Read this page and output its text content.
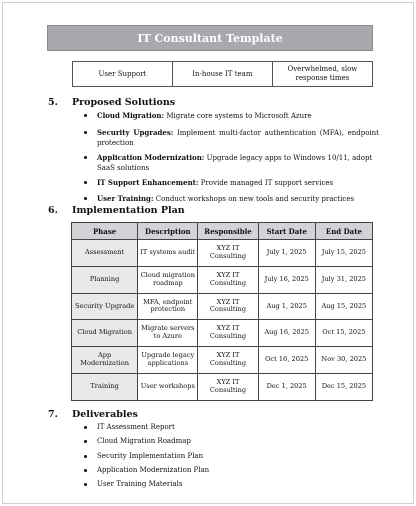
IT Consultant Template
User Support	In-house IT team	Overwhelmed, slow response times
5. Proposed Solutions
Cloud Migration: Migrate core systems to Microsoft Azure
Security Upgrades: Implement multi-factor authentication (MFA), endpoint protection
Application Modernization: Upgrade legacy apps to Windows 10/11, adopt SaaS solutions
IT Support Enhancement: Provide managed IT support services
User Training: Conduct workshops on new tools and security practices
6. Implementation Plan
Phase	Description	Responsible	Start Date	End Date
Assessment	IT systems audit	XYZ IT Consulting	July 1, 2025	July 15, 2025
Planning	Cloud migration roadmap	XYZ IT Consulting	July 16, 2025	July 31, 2025
Security Upgrade	MFA, endpoint protection	XYZ IT Consulting	Aug 1, 2025	Aug 15, 2025
Cloud Migration	Migrate servers to Azure	XYZ IT Consulting	Aug 16, 2025	Oct 15, 2025
App Modernization	Upgrade legacy applications	XYZ IT Consulting	Oct 16, 2025	Nov 30, 2025
Training	User workshops	XYZ IT Consulting	Dec 1, 2025	Dec 15, 2025
7. Deliverables
IT Assessment Report
Cloud Migration Roadmap
Security Implementation Plan
Application Modernization Plan
User Training Materials
